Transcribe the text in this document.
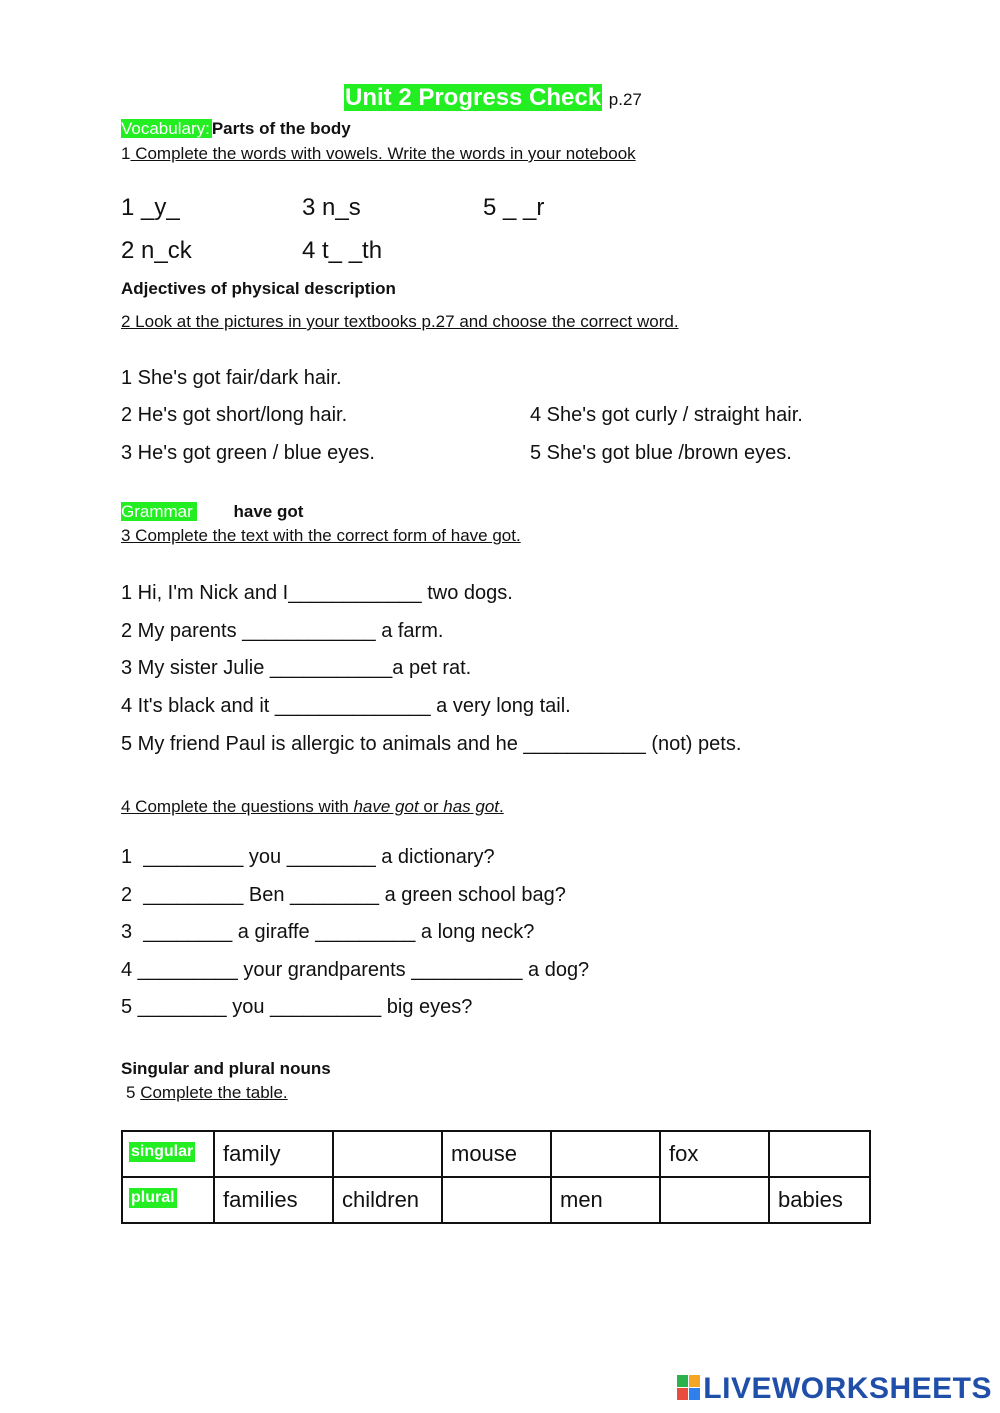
Unit 2 Progress Check p.27
Vocabulary: Parts of the body
1 Complete the words with vowels. Write the words in your notebook
1 _y_	3 n_s	5 _ _r
2 n_ck	4 t_ _th
Adjectives of physical description
2 Look at the pictures in your textbooks p.27 and choose the correct word.
1 She's got fair/dark hair.
2 He's got short/long hair.	4 She's got curly / straight hair.
3 He's got green / blue eyes.	5 She's got blue /brown eyes.
Grammar have got
3 Complete the text with the correct form of have got.
1 Hi, I'm Nick and I____________ two dogs.
2 My parents ____________ a farm.
3 My sister Julie ___________a pet rat.
4 It's black and it ______________ a very long tail.
5 My friend Paul is allergic to animals and he ___________ (not) pets.
4 Complete the questions with have got or has got.
1  _________ you ________ a dictionary?
2  _________ Ben ________ a green school bag?
3  ________ a giraffe _________ a long neck?
4 _________ your grandparents __________ a dog?
5 ________ you __________ big eyes?
Singular and plural nouns
5 Complete the table.
singular	family		mouse		fox	
plural	families	children		men		babies
LIVEWORKSHEETS
